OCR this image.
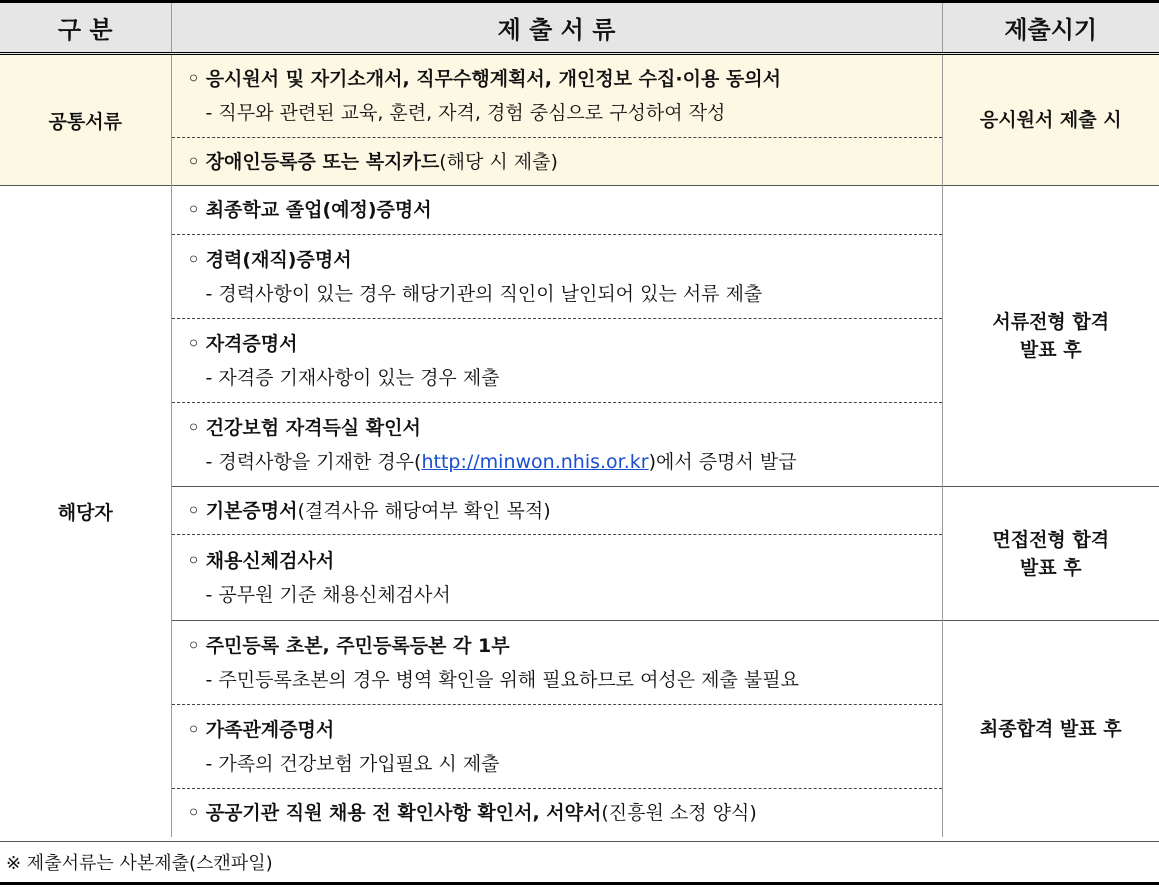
구 분	제 출 서 류	제출시기
공통서류	◦ 응시원서 및 자기소개서, 직무수행계획서, 개인정보 수집·이용 동의서
- 직무와 관련된 교육, 훈련, 자격, 경험 중심으로 구성하여 작성	응시원서 제출 시
	◦ 장애인등록증 또는 복지카드(해당 시 제출)	
해당자	◦ 최종학교 졸업(예정)증명서	서류전형 합격
발표 후

	◦ 경력(재직)증명서
- 경력사항이 있는 경우 해당기관의 직인이 날인되어 있는 서류 제출	

	◦ 자격증명서
- 자격증 기재사항이 있는 경우 제출	

	◦ 건강보험 자격득실 확인서
- 경력사항을 기재한 경우(http://minwon.nhis.or.kr)에서 증명서 발급	

	◦ 기본증명서(결격사유 해당여부 확인 목적)	면접전형 합격
발표 후

	◦ 채용신체검사서
- 공무원 기준 채용신체검사서	

	◦ 주민등록 초본, 주민등록등본 각 1부
- 주민등록초본의 경우 병역 확인을 위해 필요하므로 여성은 제출 불필요	최종합격 발표 후

	◦ 가족관계증명서
- 가족의 건강보험 가입필요 시 제출	

	◦ 공공기관 직원 채용 전 확인사항 확인서, 서약서(진흥원 소정 양식)	
※ 제출서류는 사본제출(스캔파일)
